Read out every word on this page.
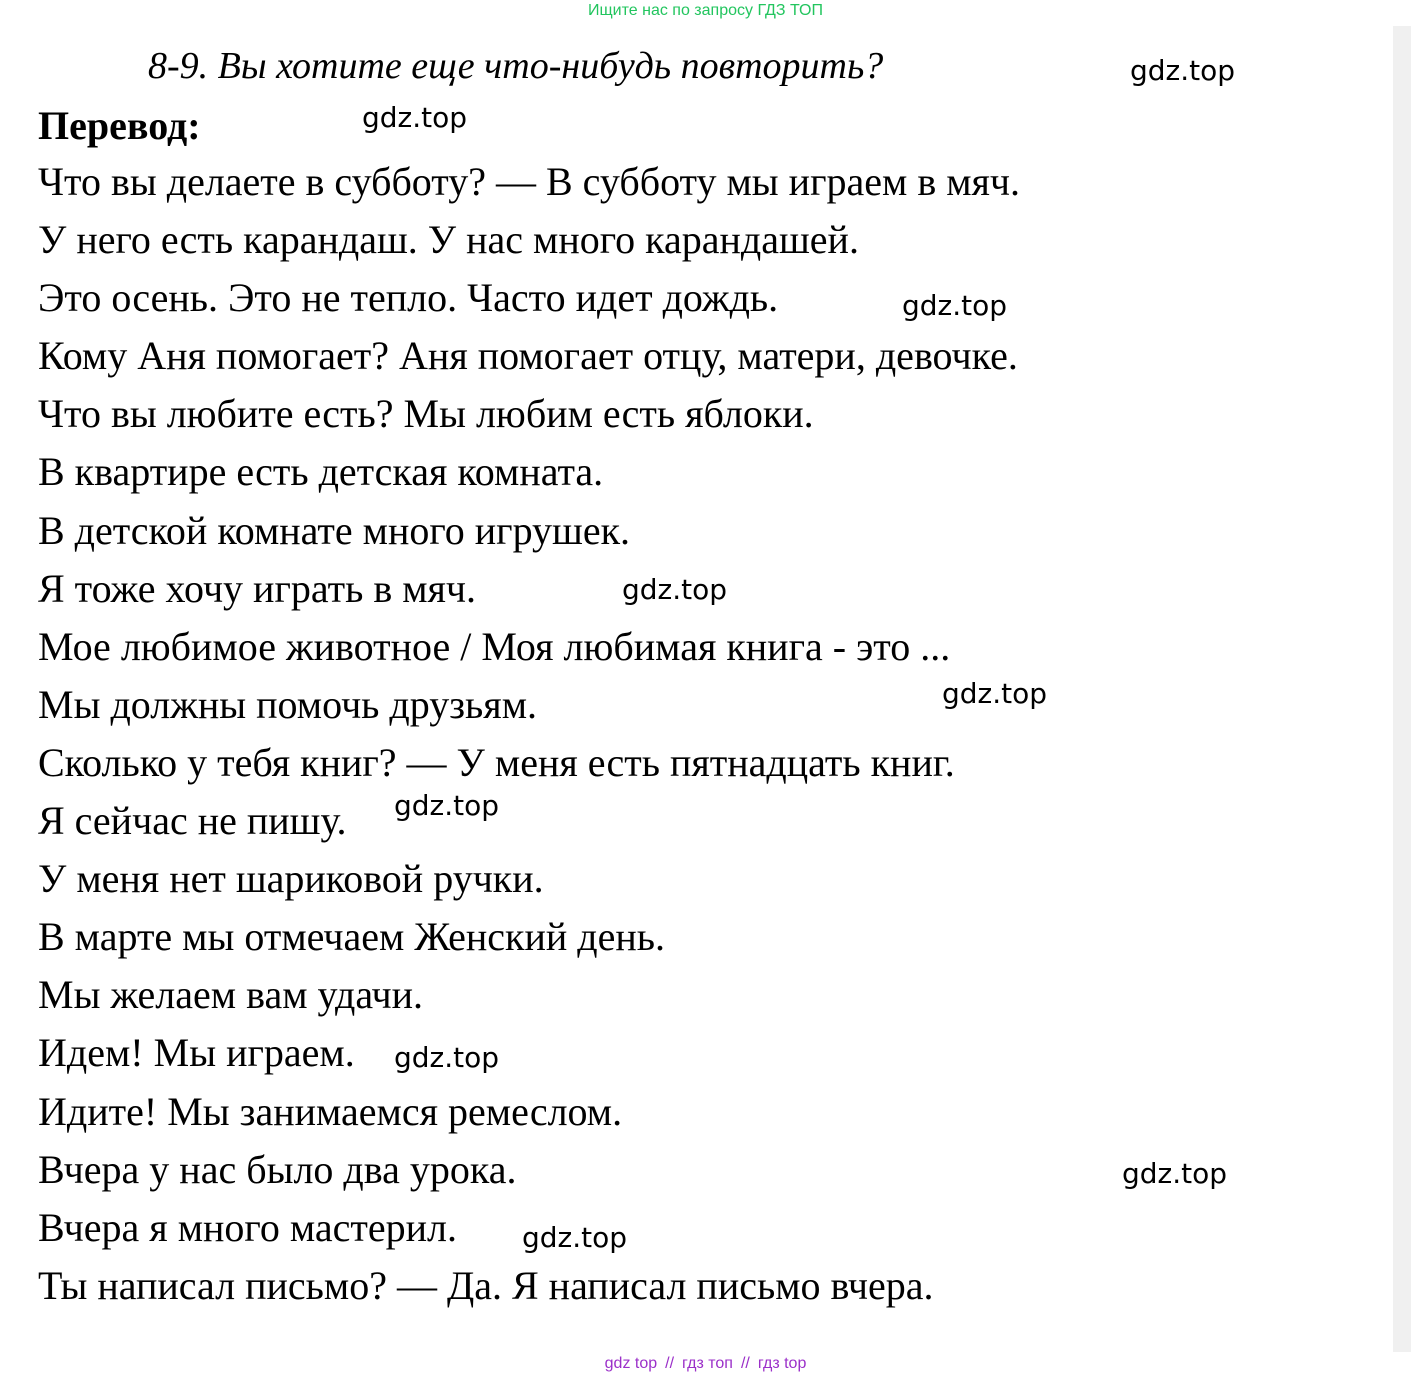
Ищите нас по запросу ГДЗ ТОП
8-9. Вы хотите еще что-нибудь повторить?
Перевод:
Что вы делаете в субботу? — В субботу мы играем в мяч.
У него есть карандаш. У нас много карандашей.
Это осень. Это не тепло. Часто идет дождь.
Кому Аня помогает? Аня помогает отцу, матери, девочке.
Что вы любите есть? Мы любим есть яблоки.
В квартире есть детская комната.
В детской комнате много игрушек.
Я тоже хочу играть в мяч.
Мое любимое животное / Моя любимая книга - это ...
Мы должны помочь друзьям.
Сколько у тебя книг? — У меня есть пятнадцать книг.
Я сейчас не пишу.
У меня нет шариковой ручки.
В марте мы отмечаем Женский день.
Мы желаем вам удачи.
Идем! Мы играем.
Идите! Мы занимаемся ремеслом.
Вчера у нас было два урока.
Вчера я много мастерил.
Ты написал письмо? — Да. Я написал письмо вчера.
gdz.top
gdz.top
gdz.top
gdz.top
gdz.top
gdz.top
gdz.top
gdz.top
gdz.top
gdz top // гдз топ // гдз top
